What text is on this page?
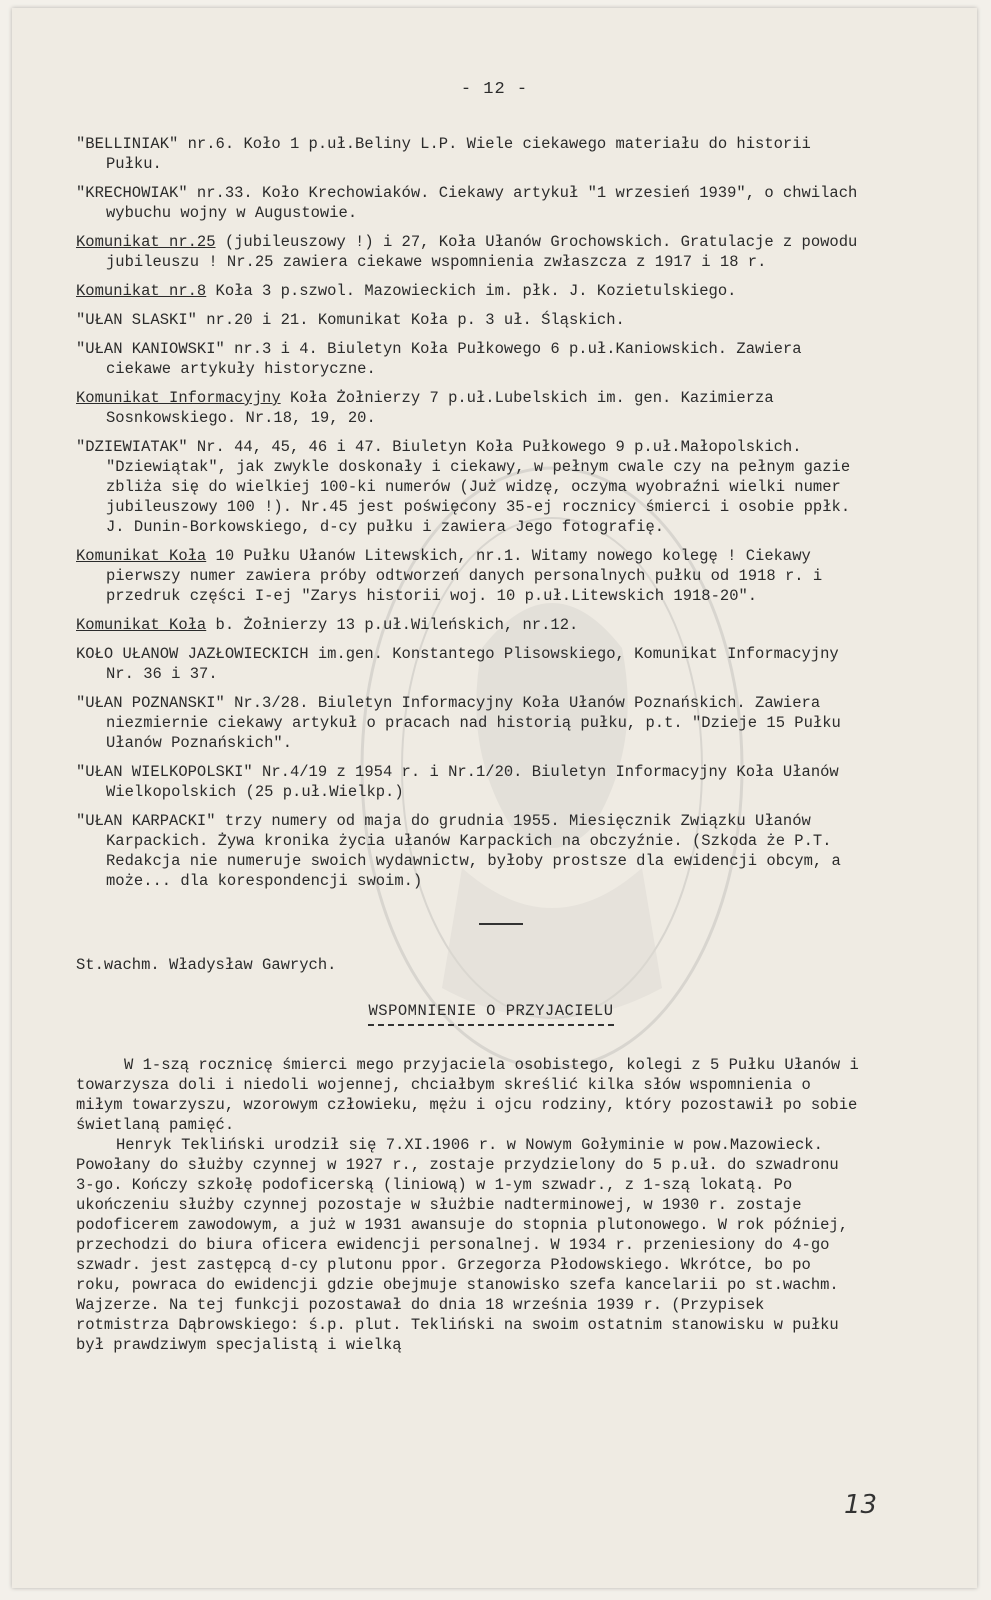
- 12 -
"BELLINIAK" nr.6. Koło 1 p.uł.Beliny L.P. Wiele ciekawego materiału do historii Pułku.
"KRECHOWIAK" nr.33. Koło Krechowiaków. Ciekawy artykuł "1 wrzesień 1939", o chwilach wybuchu wojny w Augustowie.
Komunikat nr.25 (jubileuszowy !) i 27, Koła Ułanów Grochowskich. Gratulacje z powodu jubileuszu ! Nr.25 zawiera ciekawe wspomnienia zwłaszcza z 1917 i 18 r.
Komunikat nr.8 Koła 3 p.szwol. Mazowieckich im. płk. J. Kozietulskiego.
"UŁAN SLASKI" nr.20 i 21. Komunikat Koła p. 3 uł. Śląskich.
"UŁAN KANIOWSKI" nr.3 i 4. Biuletyn Koła Pułkowego 6 p.uł.Kaniowskich. Zawiera ciekawe artykuły historyczne.
Komunikat Informacyjny Koła Żołnierzy 7 p.uł.Lubelskich im. gen. Kazimierza Sosnkowskiego. Nr.18, 19, 20.
"DZIEWIATAK" Nr. 44, 45, 46 i 47. Biuletyn Koła Pułkowego 9 p.uł.Małopolskich. "Dziewiątak", jak zwykle doskonały i ciekawy, w pełnym cwale czy na pełnym gazie zbliża się do wielkiej 100-ki numerów (Już widzę, oczyma wyobraźni wielki numer jubileuszowy 100 !). Nr.45 jest poświęcony 35-ej rocznicy śmierci i osobie ppłk. J. Dunin-Borkowskiego, d-cy pułku i zawiera Jego fotografię.
Komunikat Koła 10 Pułku Ułanów Litewskich, nr.1. Witamy nowego kolegę ! Ciekawy pierwszy numer zawiera próby odtworzeń danych personalnych pułku od 1918 r. i przedruk części I-ej "Zarys historii woj. 10 p.uł.Litewskich 1918-20".
Komunikat Koła b. Żołnierzy 13 p.uł.Wileńskich, nr.12.
KOŁO UŁANOW JAZŁOWIECKICH im.gen. Konstantego Plisowskiego, Komunikat Informacyjny Nr. 36 i 37.
"UŁAN POZNANSKI" Nr.3/28. Biuletyn Informacyjny Koła Ułanów Poznańskich. Zawiera niezmiernie ciekawy artykuł o pracach nad historią pułku, p.t. "Dzieje 15 Pułku Ułanów Poznańskich".
"UŁAN WIELKOPOLSKI" Nr.4/19 z 1954 r. i Nr.1/20. Biuletyn Informacyjny Koła Ułanów Wielkopolskich (25 p.uł.Wielkp.)
"UŁAN KARPACKI" trzy numery od maja do grudnia 1955. Miesięcznik Związku Ułanów Karpackich. Żywa kronika życia ułanów Karpackich na obczyźnie. (Szkoda że P.T. Redakcja nie numeruje swoich wydawnictw, byłoby prostsze dla ewidencji obcym, a może... dla korespondencji swoim.)
St.wachm. Władysław Gawrych.
WSPOMNIENIE O PRZYJACIELU

W 1-szą rocznicę śmierci mego przyjaciela osobistego, kolegi z 5 Pułku Ułanów i towarzysza doli i niedoli wojennej, chciałbym skreślić kilka słów wspomnienia o miłym towarzyszu, wzorowym człowieku, mężu i ojcu rodziny, który pozostawił po sobie świetlaną pamięć.

Henryk Tekliński urodził się 7.XI.1906 r. w Nowym Gołyminie w pow.Mazowieck. Powołany do służby czynnej w 1927 r., zostaje przydzielony do 5 p.uł. do szwadronu 3-go. Kończy szkołę podoficerską (liniową) w 1-ym szwadr., z 1-szą lokatą. Po ukończeniu służby czynnej pozostaje w służbie nadterminowej, w 1930 r. zostaje podoficerem zawodowym, a już w 1931 awansuje do stopnia plutonowego. W rok później, przechodzi do biura oficera ewidencji personalnej. W 1934 r. przeniesiony do 4-go szwadr. jest zastępcą d-cy plutonu ppor. Grzegorza Płodowskiego. Wkrótce, bo po roku, powraca do ewidencji gdzie obejmuje stanowisko szefa kancelarii po st.wachm. Wajzerze. Na tej funkcji pozostawał do dnia 18 września 1939 r. (Przypisek rotmistrza Dąbrowskiego: ś.p. plut. Tekliński na swoim ostatnim stanowisku w pułku był prawdziwym specjalistą i wielką

13
